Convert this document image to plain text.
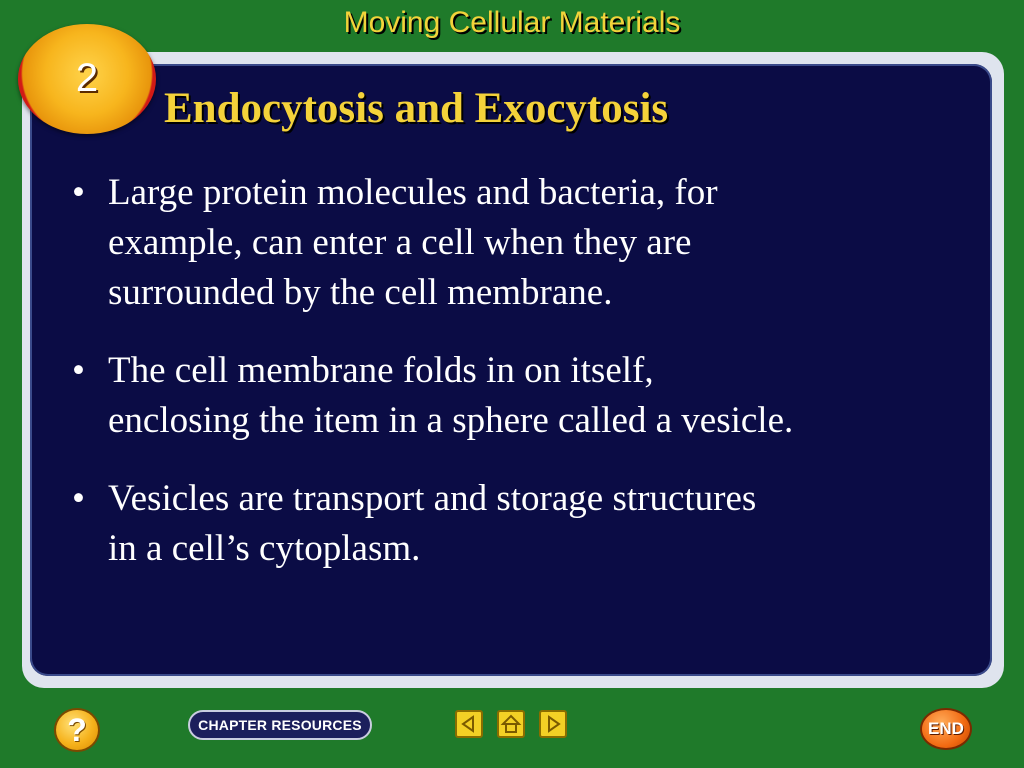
Moving Cellular Materials
2
Endocytosis and Exocytosis
• Large protein molecules and bacteria, for
example, can enter a cell when they are
surrounded by the cell membrane.
• The cell membrane folds in on itself,
enclosing the item in a sphere called a vesicle.
• Vesicles are transport and storage structures
in a cell’s cytoplasm.
?	CHAPTER RESOURCES	END
